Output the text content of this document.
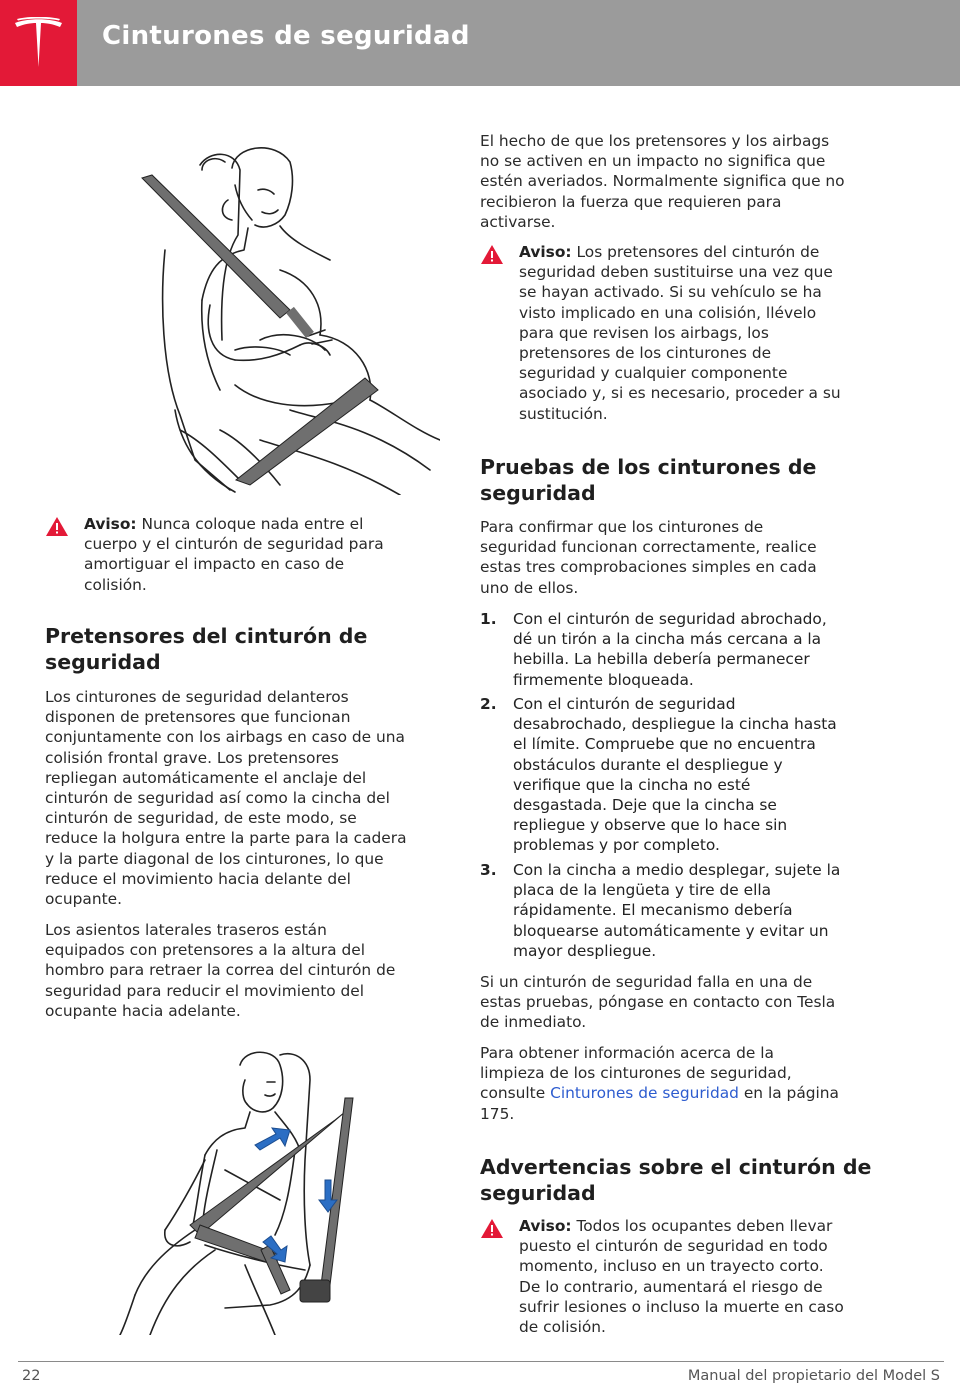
Cinturones de seguridad
Aviso: Nunca coloque nada entre el
cuerpo y el cinturón de seguridad para
amortiguar el impacto en caso de
colisión.
Pretensores del cinturón de
seguridad
Los cinturones de seguridad delanteros
disponen de pretensores que funcionan
conjuntamente con los airbags en caso de una
colisión frontal grave. Los pretensores
repliegan automáticamente el anclaje del
cinturón de seguridad así como la cincha del
cinturón de seguridad, de este modo, se
reduce la holgura entre la parte para la cadera
y la parte diagonal de los cinturones, lo que
reduce el movimiento hacia delante del
ocupante.
Los asientos laterales traseros están
equipados con pretensores a la altura del
hombro para retraer la correa del cinturón de
seguridad para reducir el movimiento del
ocupante hacia adelante.
El hecho de que los pretensores y los airbags
no se activen en un impacto no significa que
estén averiados. Normalmente significa que no
recibieron la fuerza que requieren para
activarse.
Aviso: Los pretensores del cinturón de
seguridad deben sustituirse una vez que
se hayan activado. Si su vehículo se ha
visto implicado en una colisión, llévelo
para que revisen los airbags, los
pretensores de los cinturones de
seguridad y cualquier componente
asociado y, si es necesario, proceder a su
sustitución.
Pruebas de los cinturones de
seguridad
Para confirmar que los cinturones de
seguridad funcionan correctamente, realice
estas tres comprobaciones simples en cada
uno de ellos.
1. Con el cinturón de seguridad abrochado,
dé un tirón a la cincha más cercana a la
hebilla. La hebilla debería permanecer
firmemente bloqueada.
2. Con el cinturón de seguridad
desabrochado, despliegue la cincha hasta
el límite. Compruebe que no encuentra
obstáculos durante el despliegue y
verifique que la cincha no esté
desgastada. Deje que la cincha se
repliegue y observe que lo hace sin
problemas y por completo.
3. Con la cincha a medio desplegar, sujete la
placa de la lengüeta y tire de ella
rápidamente. El mecanismo debería
bloquearse automáticamente y evitar un
mayor despliegue.
Si un cinturón de seguridad falla en una de
estas pruebas, póngase en contacto con Tesla
de inmediato.
Para obtener información acerca de la
limpieza de los cinturones de seguridad,
consulte Cinturones de seguridad en la página
175.
Advertencias sobre el cinturón de
seguridad
Aviso: Todos los ocupantes deben llevar
puesto el cinturón de seguridad en todo
momento, incluso en un trayecto corto.
De lo contrario, aumentará el riesgo de
sufrir lesiones o incluso la muerte en caso
de colisión.
22	Manual del propietario del Model S
